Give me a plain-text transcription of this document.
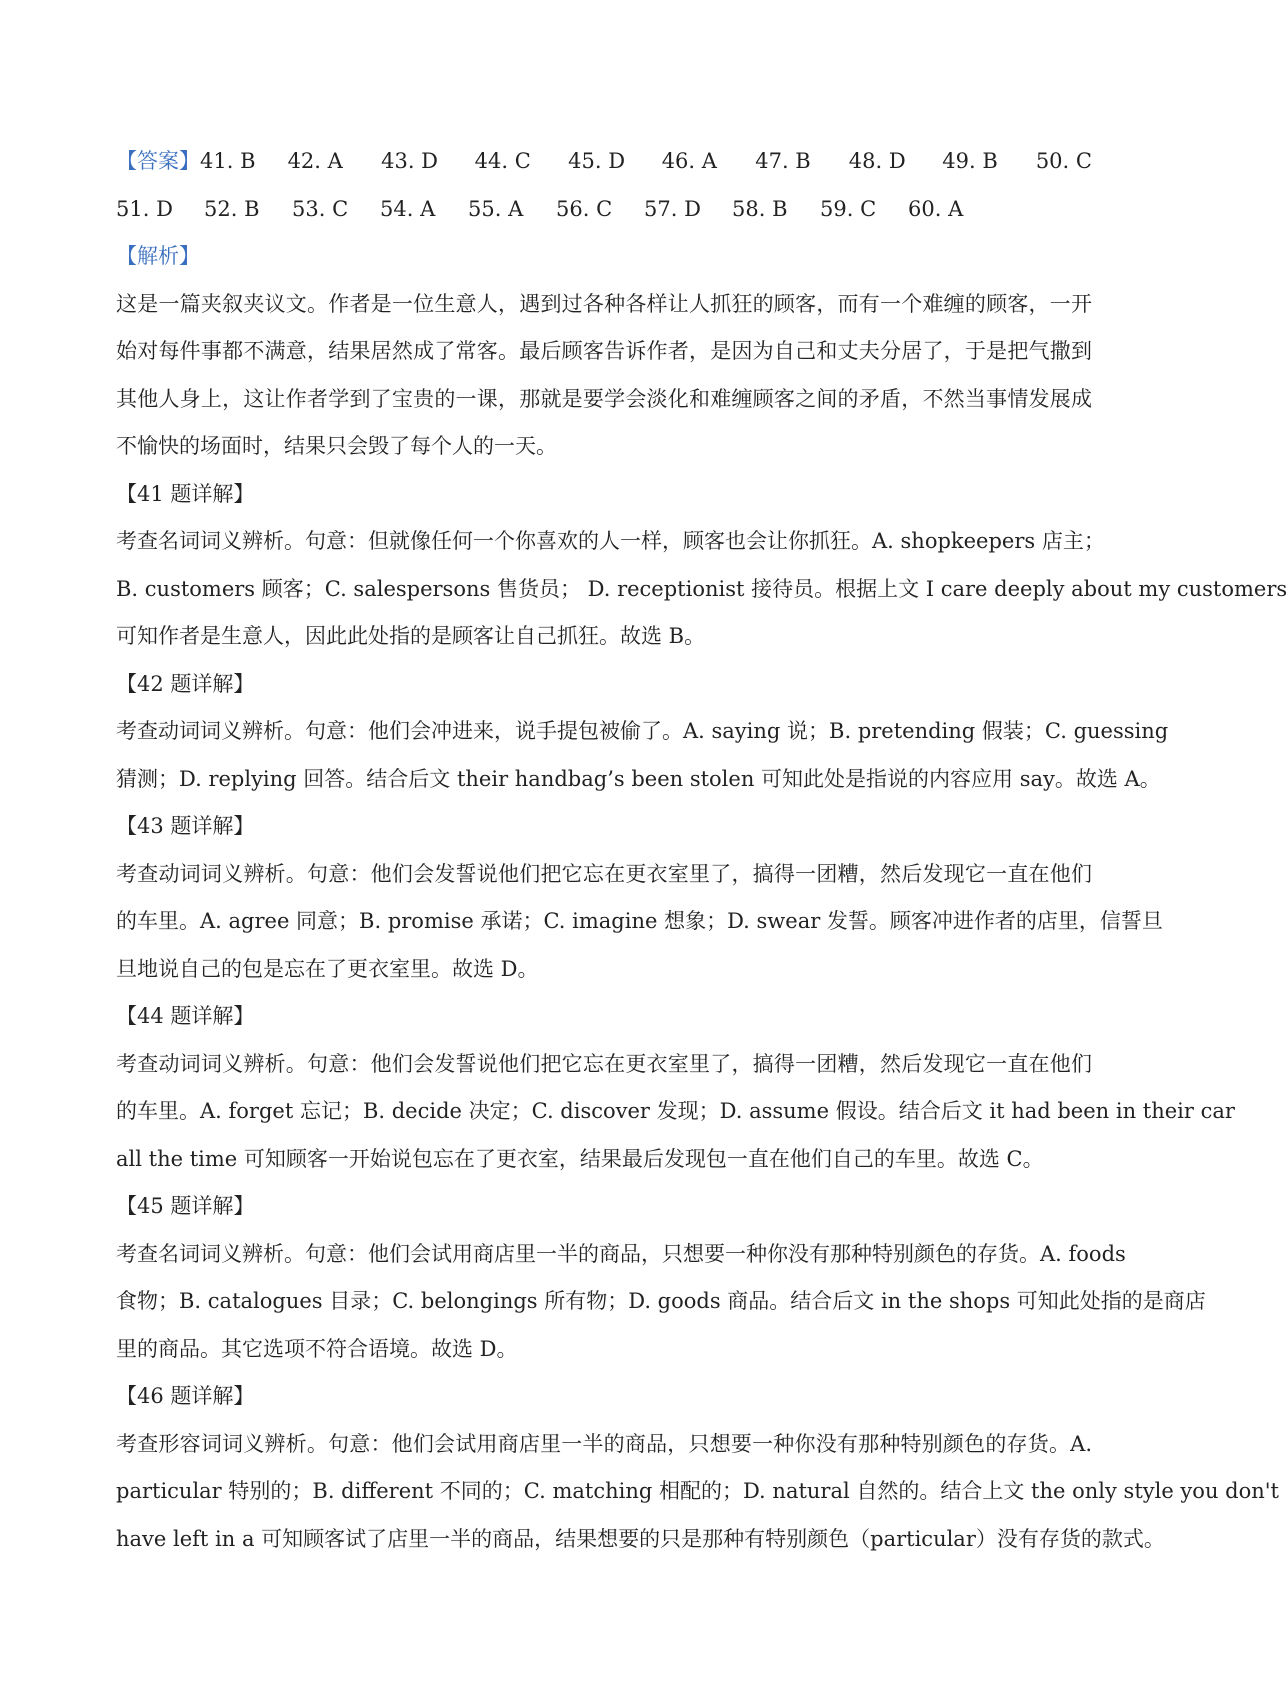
【答案】 41. B	42. A	43. D	44. C	45. D	46. A	47. B	48. D	49. B	50. C
51. D	52. B	53. C	54. A	55. A	56. C	57. D	58. B	59. C	60. A
【解析】
这是一篇夹叙夹议文。作者是一位生意人，遇到过各种各样让人抓狂的顾客，而有一个难缠的顾客，一开
始对每件事都不满意，结果居然成了常客。最后顾客告诉作者，是因为自己和丈夫分居了，于是把气撒到
其他人身上，这让作者学到了宝贵的一课，那就是要学会淡化和难缠顾客之间的矛盾，不然当事情发展成
不愉快的场面时，结果只会毁了每个人的一天。
【41 题详解】
考查名词词义辨析。句意：但就像任何一个你喜欢的人一样，顾客也会让你抓狂。A. shopkeepers 店主；
B. customers 顾客；C. salespersons 售货员； D. receptionist 接待员。根据上文 I care deeply about my customers
可知作者是生意人，因此此处指的是顾客让自己抓狂。故选 B。
【42 题详解】
考查动词词义辨析。句意：他们会冲进来，说手提包被偷了。A. saying 说；B. pretending 假装；C. guessing
猜测；D. replying 回答。结合后文 their handbag’s been stolen 可知此处是指说的内容应用 say。故选 A。
【43 题详解】
考查动词词义辨析。句意：他们会发誓说他们把它忘在更衣室里了，搞得一团糟，然后发现它一直在他们
的车里。A. agree 同意；B. promise 承诺；C. imagine 想象；D. swear 发誓。顾客冲进作者的店里，信誓旦
旦地说自己的包是忘在了更衣室里。故选 D。
【44 题详解】
考查动词词义辨析。句意：他们会发誓说他们把它忘在更衣室里了，搞得一团糟，然后发现它一直在他们
的车里。A. forget 忘记；B. decide 决定；C. discover 发现；D. assume 假设。结合后文 it had been in their car
all the time 可知顾客一开始说包忘在了更衣室，结果最后发现包一直在他们自己的车里。故选 C。
【45 题详解】
考查名词词义辨析。句意：他们会试用商店里一半的商品，只想要一种你没有那种特别颜色的存货。A. foods
食物；B. catalogues 目录；C. belongings 所有物；D. goods 商品。结合后文 in the shops 可知此处指的是商店
里的商品。其它选项不符合语境。故选 D。
【46 题详解】
考查形容词词义辨析。句意：他们会试用商店里一半的商品，只想要一种你没有那种特别颜色的存货。A.
particular 特别的；B. different 不同的；C. matching 相配的；D. natural 自然的。结合上文 the only style you don't
have left in a 可知顾客试了店里一半的商品，结果想要的只是那种有特别颜色（particular）没有存货的款式。
